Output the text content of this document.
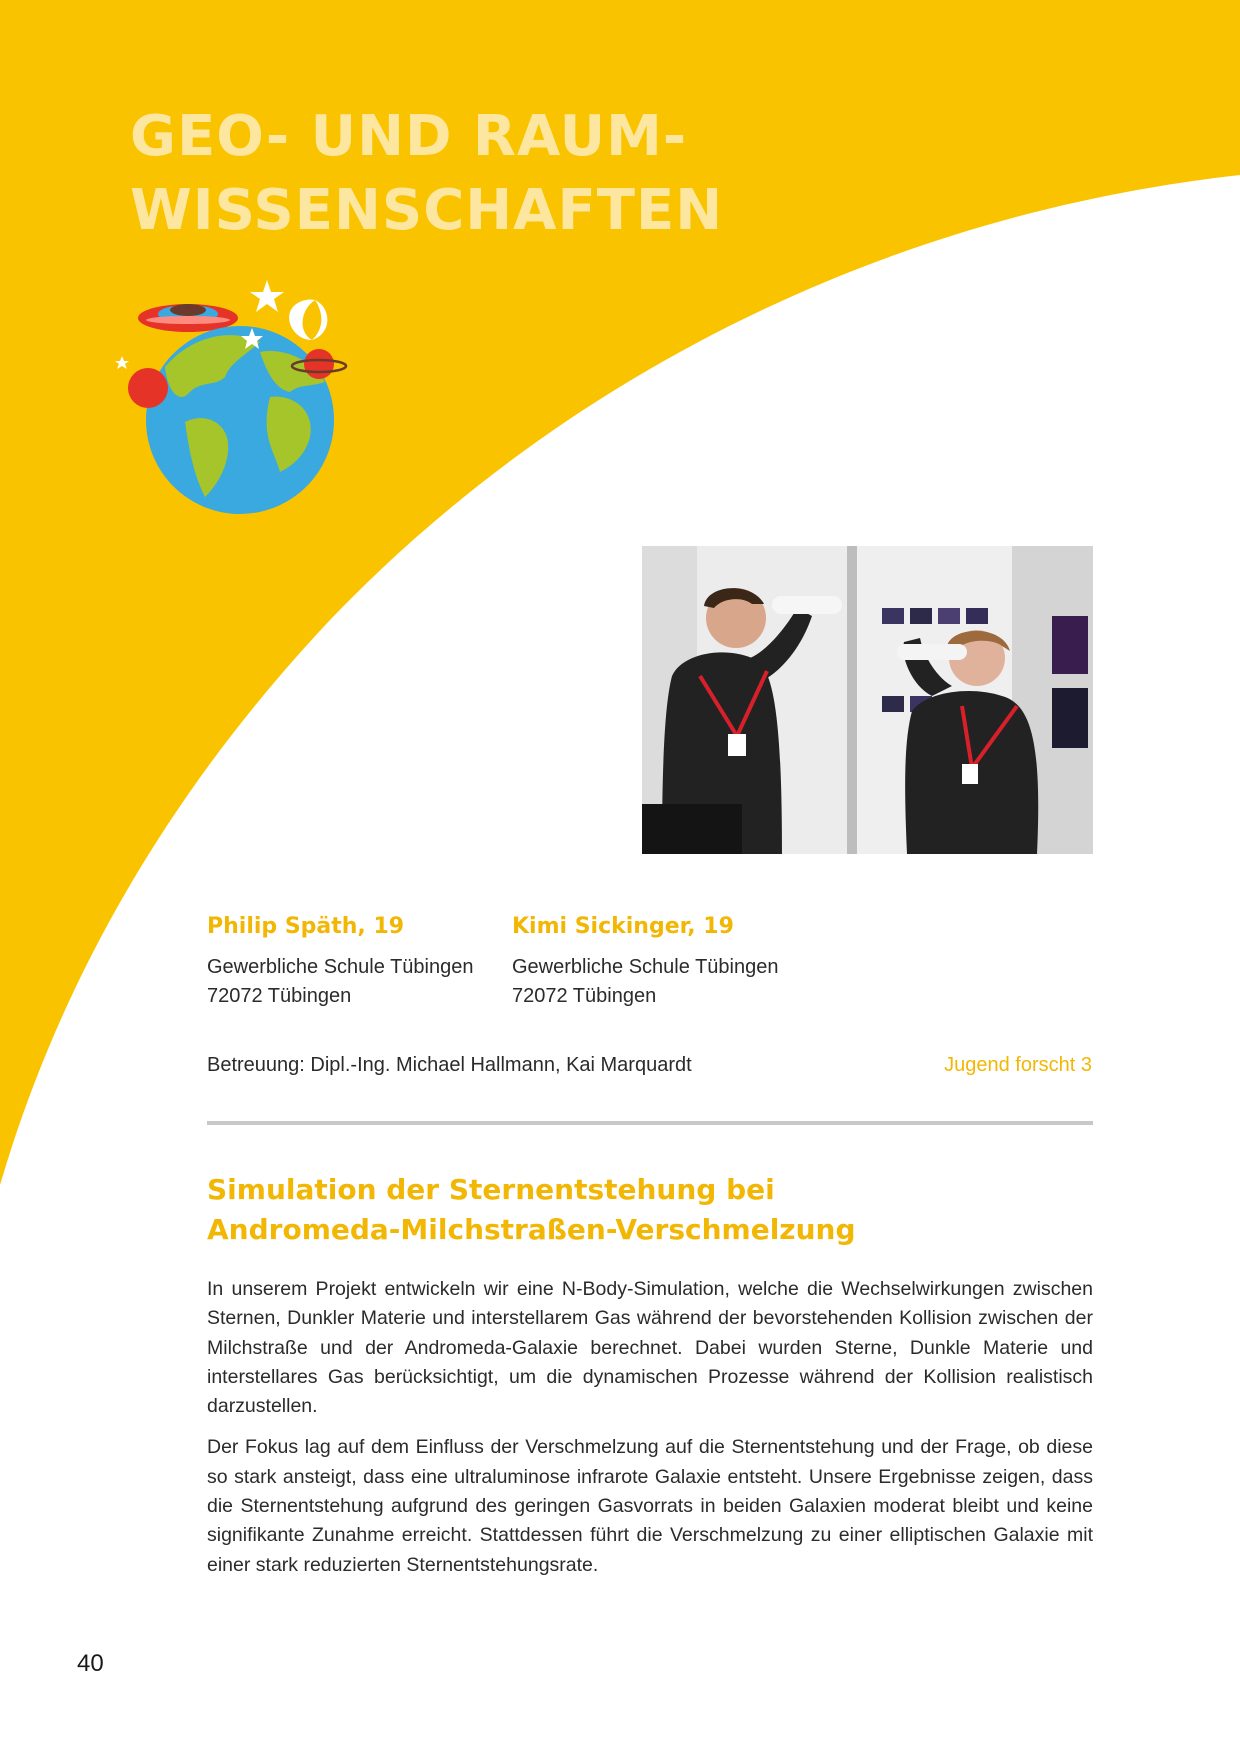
GEO- UND RAUM-
WISSENSCHAFTEN

Philip Späth, 19

Gewerbliche Schule Tübingen
72072 Tübingen

Kimi Sickinger, 19

Gewerbliche Schule Tübingen
72072 Tübingen
Betreuung: Dipl.-Ing. Michael Hallmann, Kai Marquardt	Jugend forscht 3
Simulation der Sternentstehung bei
Andromeda-Milchstraßen-Verschmelzung

In unserem Projekt entwickeln wir eine N-Body-Simulation, welche die Wechselwirkungen zwischen Sternen, Dunkler Materie und interstellarem Gas während der bevorstehenden Kollision zwischen der Milchstraße und der Andromeda-Galaxie berechnet. Dabei wurden Sterne, Dunkle Materie und interstellares Gas berücksichtigt, um die dynamischen Prozesse während der Kollision realistisch darzustellen.

Der Fokus lag auf dem Einfluss der Verschmelzung auf die Sternentstehung und der Frage, ob diese so stark ansteigt, dass eine ultraluminose infrarote Galaxie entsteht. Unsere Ergebnisse zeigen, dass die Sternentstehung aufgrund des geringen Gasvorrats in beiden Galaxien moderat bleibt und keine signifikante Zunahme erreicht. Stattdessen führt die Verschmelzung zu einer elliptischen Galaxie mit einer stark reduzierten Sternentstehungsrate.

40
